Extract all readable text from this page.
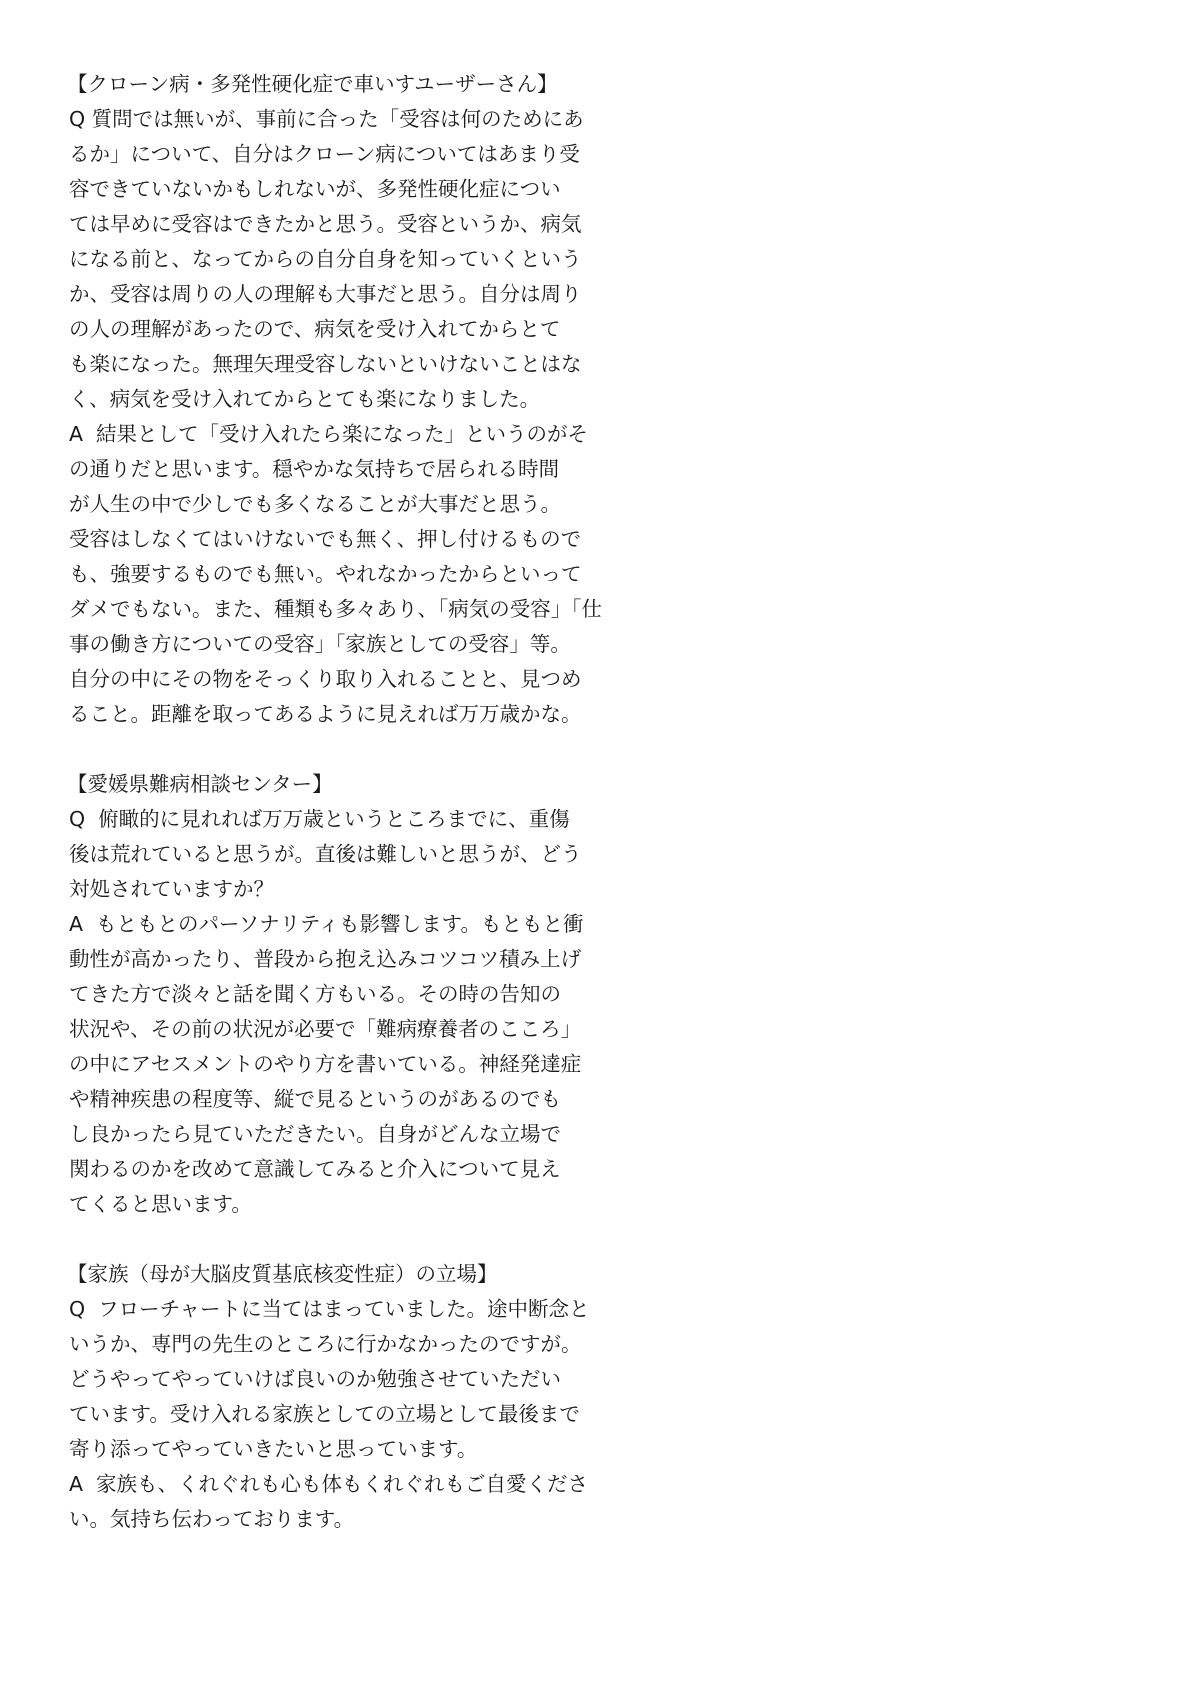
【クローン病・多発性硬化症で車いすユーザーさん】
Q 質問では無いが、事前に合った「受容は何のためにあ
るか」について、自分はクローン病についてはあまり受
容できていないかもしれないが、多発性硬化症につい
ては早めに受容はできたかと思う。受容というか、病気
になる前と、なってからの自分自身を知っていくという
か、受容は周りの人の理解も大事だと思う。自分は周り
の人の理解があったので、病気を受け入れてからとて
も楽になった。無理矢理受容しないといけないことはな
く、病気を受け入れてからとても楽になりました。
A  結果として「受け入れたら楽になった」というのがそ
の通りだと思います。穏やかな気持ちで居られる時間
が人生の中で少しでも多くなることが大事だと思う。
受容はしなくてはいけないでも無く、押し付けるもので
も、強要するものでも無い。やれなかったからといって
ダメでもない。また、種類も多々あり、「病気の受容」「仕
事の働き方についての受容」「家族としての受容」等。
自分の中にその物をそっくり取り入れることと、見つめ
ること。距離を取ってあるように見えれば万万歳かな。
【愛媛県難病相談センター】
Q  俯瞰的に見れれば万万歳というところまでに、重傷
後は荒れていると思うが。直後は難しいと思うが、どう
対処されていますか？
A  もともとのパーソナリティも影響します。もともと衝
動性が高かったり、普段から抱え込みコツコツ積み上げ
てきた方で淡々と話を聞く方もいる。その時の告知の
状況や、その前の状況が必要で「難病療養者のこころ」
の中にアセスメントのやり方を書いている。神経発達症
や精神疾患の程度等、縦で見るというのがあるのでも
し良かったら見ていただきたい。自身がどんな立場で
関わるのかを改めて意識してみると介入について見え
てくると思います。
【家族（母が大脳皮質基底核変性症）の立場】
Q  フローチャートに当てはまっていました。途中断念と
いうか、専門の先生のところに行かなかったのですが。
どうやってやっていけば良いのか勉強させていただい
ています。受け入れる家族としての立場として最後まで
寄り添ってやっていきたいと思っています。
A  家族も、くれぐれも心も体もくれぐれもご自愛くださ
い。気持ち伝わっております。
